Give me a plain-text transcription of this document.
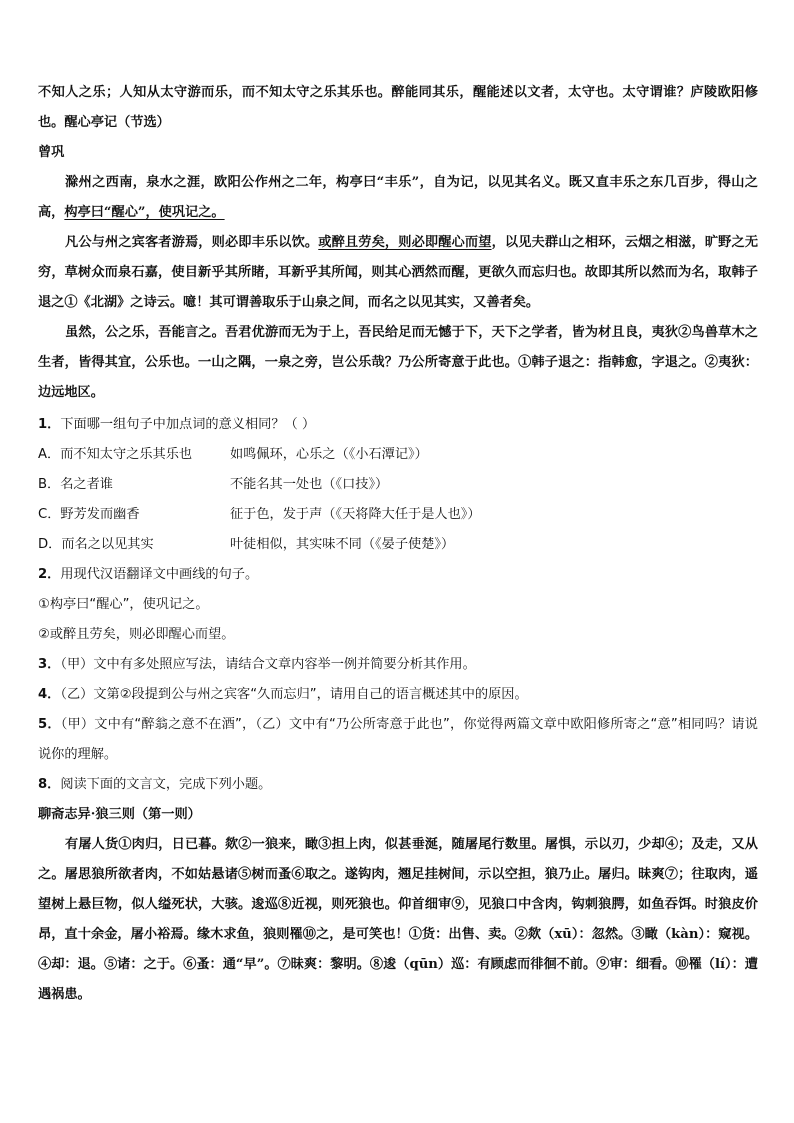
不知人之乐；人知从太守游而乐，而不知太守之乐其乐也。醉能同其乐，醒能述以文者，太守也。太守谓谁？庐陵欧阳修也。醒心亭记（节选）

曾巩

滁州之西南，泉水之涯，欧阳公作州之二年，构亭曰“丰乐”，自为记，以见其名义。既又直丰乐之东几百步，得山之高，构亭曰“醒心”，使巩记之。

凡公与州之宾客者游焉，则必即丰乐以饮。或醉且劳矣，则必即醒心而望，以见夫群山之相环，云烟之相滋，旷野之无穷，草树众而泉石嘉，使目新乎其所睹，耳新乎其所闻，则其心洒然而醒，更欲久而忘归也。故即其所以然而为名，取韩子退之①《北湖》之诗云。噫！其可谓善取乐于山泉之间，而名之以见其实，又善者矣。

虽然，公之乐，吾能言之。吾君优游而无为于上，吾民给足而无憾于下，天下之学者，皆为材且良，夷狄②鸟兽草木之生者，皆得其宜，公乐也。一山之隅，一泉之旁，岂公乐哉？乃公所寄意于此也。①韩子退之：指韩愈，字退之。②夷狄：边远地区。

1．下面哪一组句子中加点词的意义相同？（ ）

A．而不知太守之乐其乐也	如鸣佩环，心乐之（《小石潭记》）

B．名之者谁	不能名其一处也（《口技》）

C．野芳发而幽香	征于色，发于声（《天将降大任于是人也》）

D．而名之以见其实	叶徒相似，其实味不同（《晏子使楚》）

2．用现代汉语翻译文中画线的句子。

①构亭曰“醒心”，使巩记之。

②或醉且劳矣，则必即醒心而望。

3．（甲）文中有多处照应写法，请结合文章内容举一例并简要分析其作用。

4．（乙）文第②段提到公与州之宾客“久而忘归”，请用自己的语言概述其中的原因。

5．（甲）文中有“醉翁之意不在酒”，（乙）文中有“乃公所寄意于此也”，你觉得两篇文章中欧阳修所寄之“意”相同吗？请说说你的理解。

8．阅读下面的文言文，完成下列小题。

聊斋志异·狼三则（第一则）

有屠人货①肉归，日已暮。欻②一狼来，瞰③担上肉，似甚垂涎，随屠尾行数里。屠惧，示以刃，少却④；及走，又从之。屠思狼所欲者肉，不如姑悬诸⑤树而蚤⑥取之。遂钩肉，翘足挂树间，示以空担，狼乃止。屠归。昧爽⑦；往取肉，遥望树上悬巨物，似人缢死状，大骇。逡巡⑧近视，则死狼也。仰首细审⑨，见狼口中含肉，钩刺狼腭，如鱼吞饵。时狼皮价昂，直十余金，屠小裕焉。缘木求鱼，狼则罹⑩之，是可笑也！①货：出售、卖。②欻（xū）：忽然。③瞰（kàn）：窥视。④却：退。⑤诸：之于。⑥蚤：通“早”。⑦昧爽：黎明。⑧逡（qūn）巡：有顾虑而徘徊不前。⑨审：细看。⑩罹（lí）：遭遇祸患。
